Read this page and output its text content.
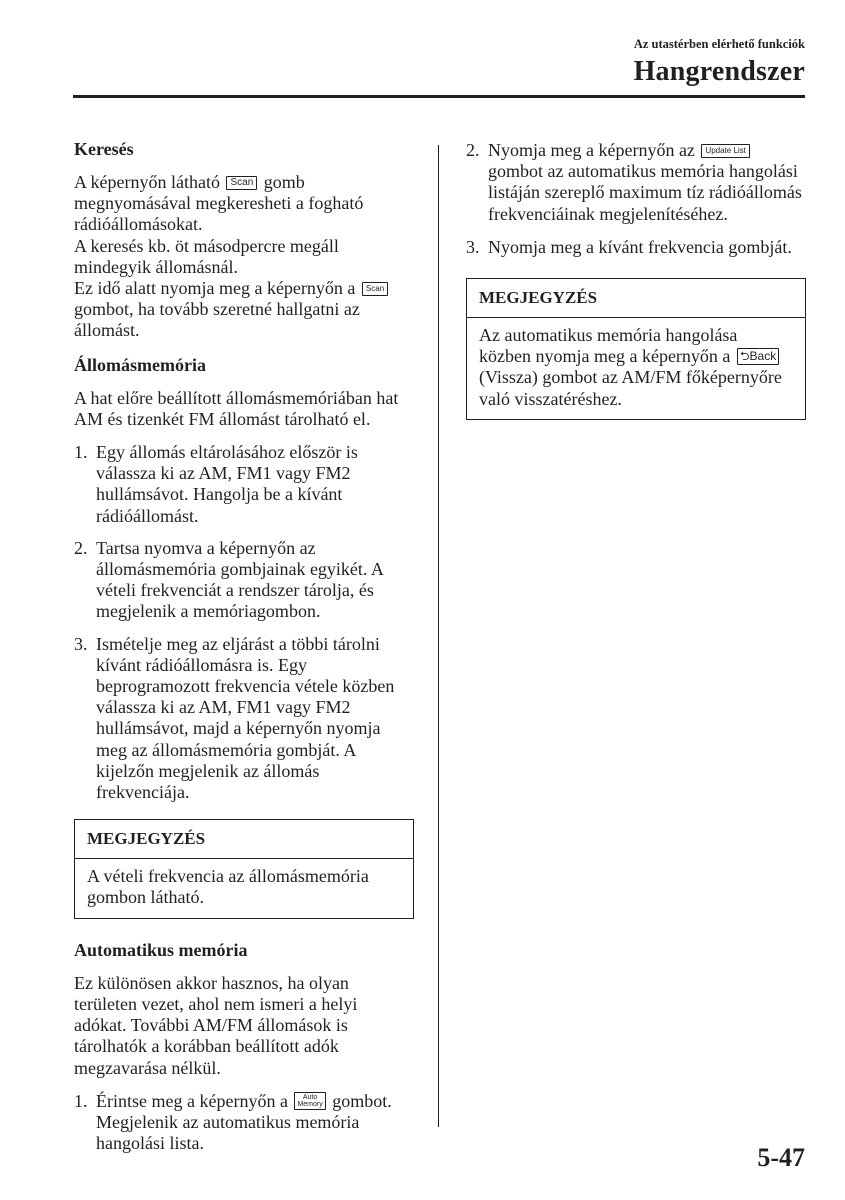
Az utastérben elérhető funkciók
Hangrendszer
Keresés
A képernyőn látható Scan gomb megnyomásával megkeresheti a fogható rádióállomásokat.
A keresés kb. öt másodpercre megáll mindegyik állomásnál.
Ez idő alatt nyomja meg a képernyőn a Scan gombot, ha tovább szeretné hallgatni az állomást.
Állomásmemória

A hat előre beállított állomásmemóriában hat AM és tizenkét FM állomást tárolható el.

1. Egy állomás eltárolásához először is válassza ki az AM, FM1 vagy FM2 hullámsávot. Hangolja be a kívánt rádióállomást.
2. Tartsa nyomva a képernyőn az állomásmemória gombjainak egyikét. A vételi frekvenciát a rendszer tárolja, és megjelenik a memóriagombon.
3. Ismételje meg az eljárást a többi tárolni kívánt rádióállomásra is. Egy beprogramozott frekvencia vétele közben válassza ki az AM, FM1 vagy FM2 hullámsávot, majd a képernyőn nyomja meg az állomásmemória gombját. A kijelzőn megjelenik az állomás frekvenciája.
MEGJEGYZÉS
A vételi frekvencia az állomásmemória gombon látható.
Automatikus memória

Ez különösen akkor hasznos, ha olyan területen vezet, ahol nem ismeri a helyi adókat. További AM/FM állomások is tárolhatók a korábban beállított adók megzavarása nélkül.

1. Érintse meg a képernyőn a Auto
Memory gombot. Megjelenik az automatikus memória hangolási lista.
2. Nyomja meg a képernyőn az Update List gombot az automatikus memória hangolási listáján szereplő maximum tíz rádióállomás frekvenciáinak megjelenítéséhez.
3. Nyomja meg a kívánt frekvencia gombját.
MEGJEGYZÉS
Az automatikus memória hangolása közben nyomja meg a képernyőn a ⮌Back (Vissza) gombot az AM/FM főképernyőre való visszatéréshez.
5-47
